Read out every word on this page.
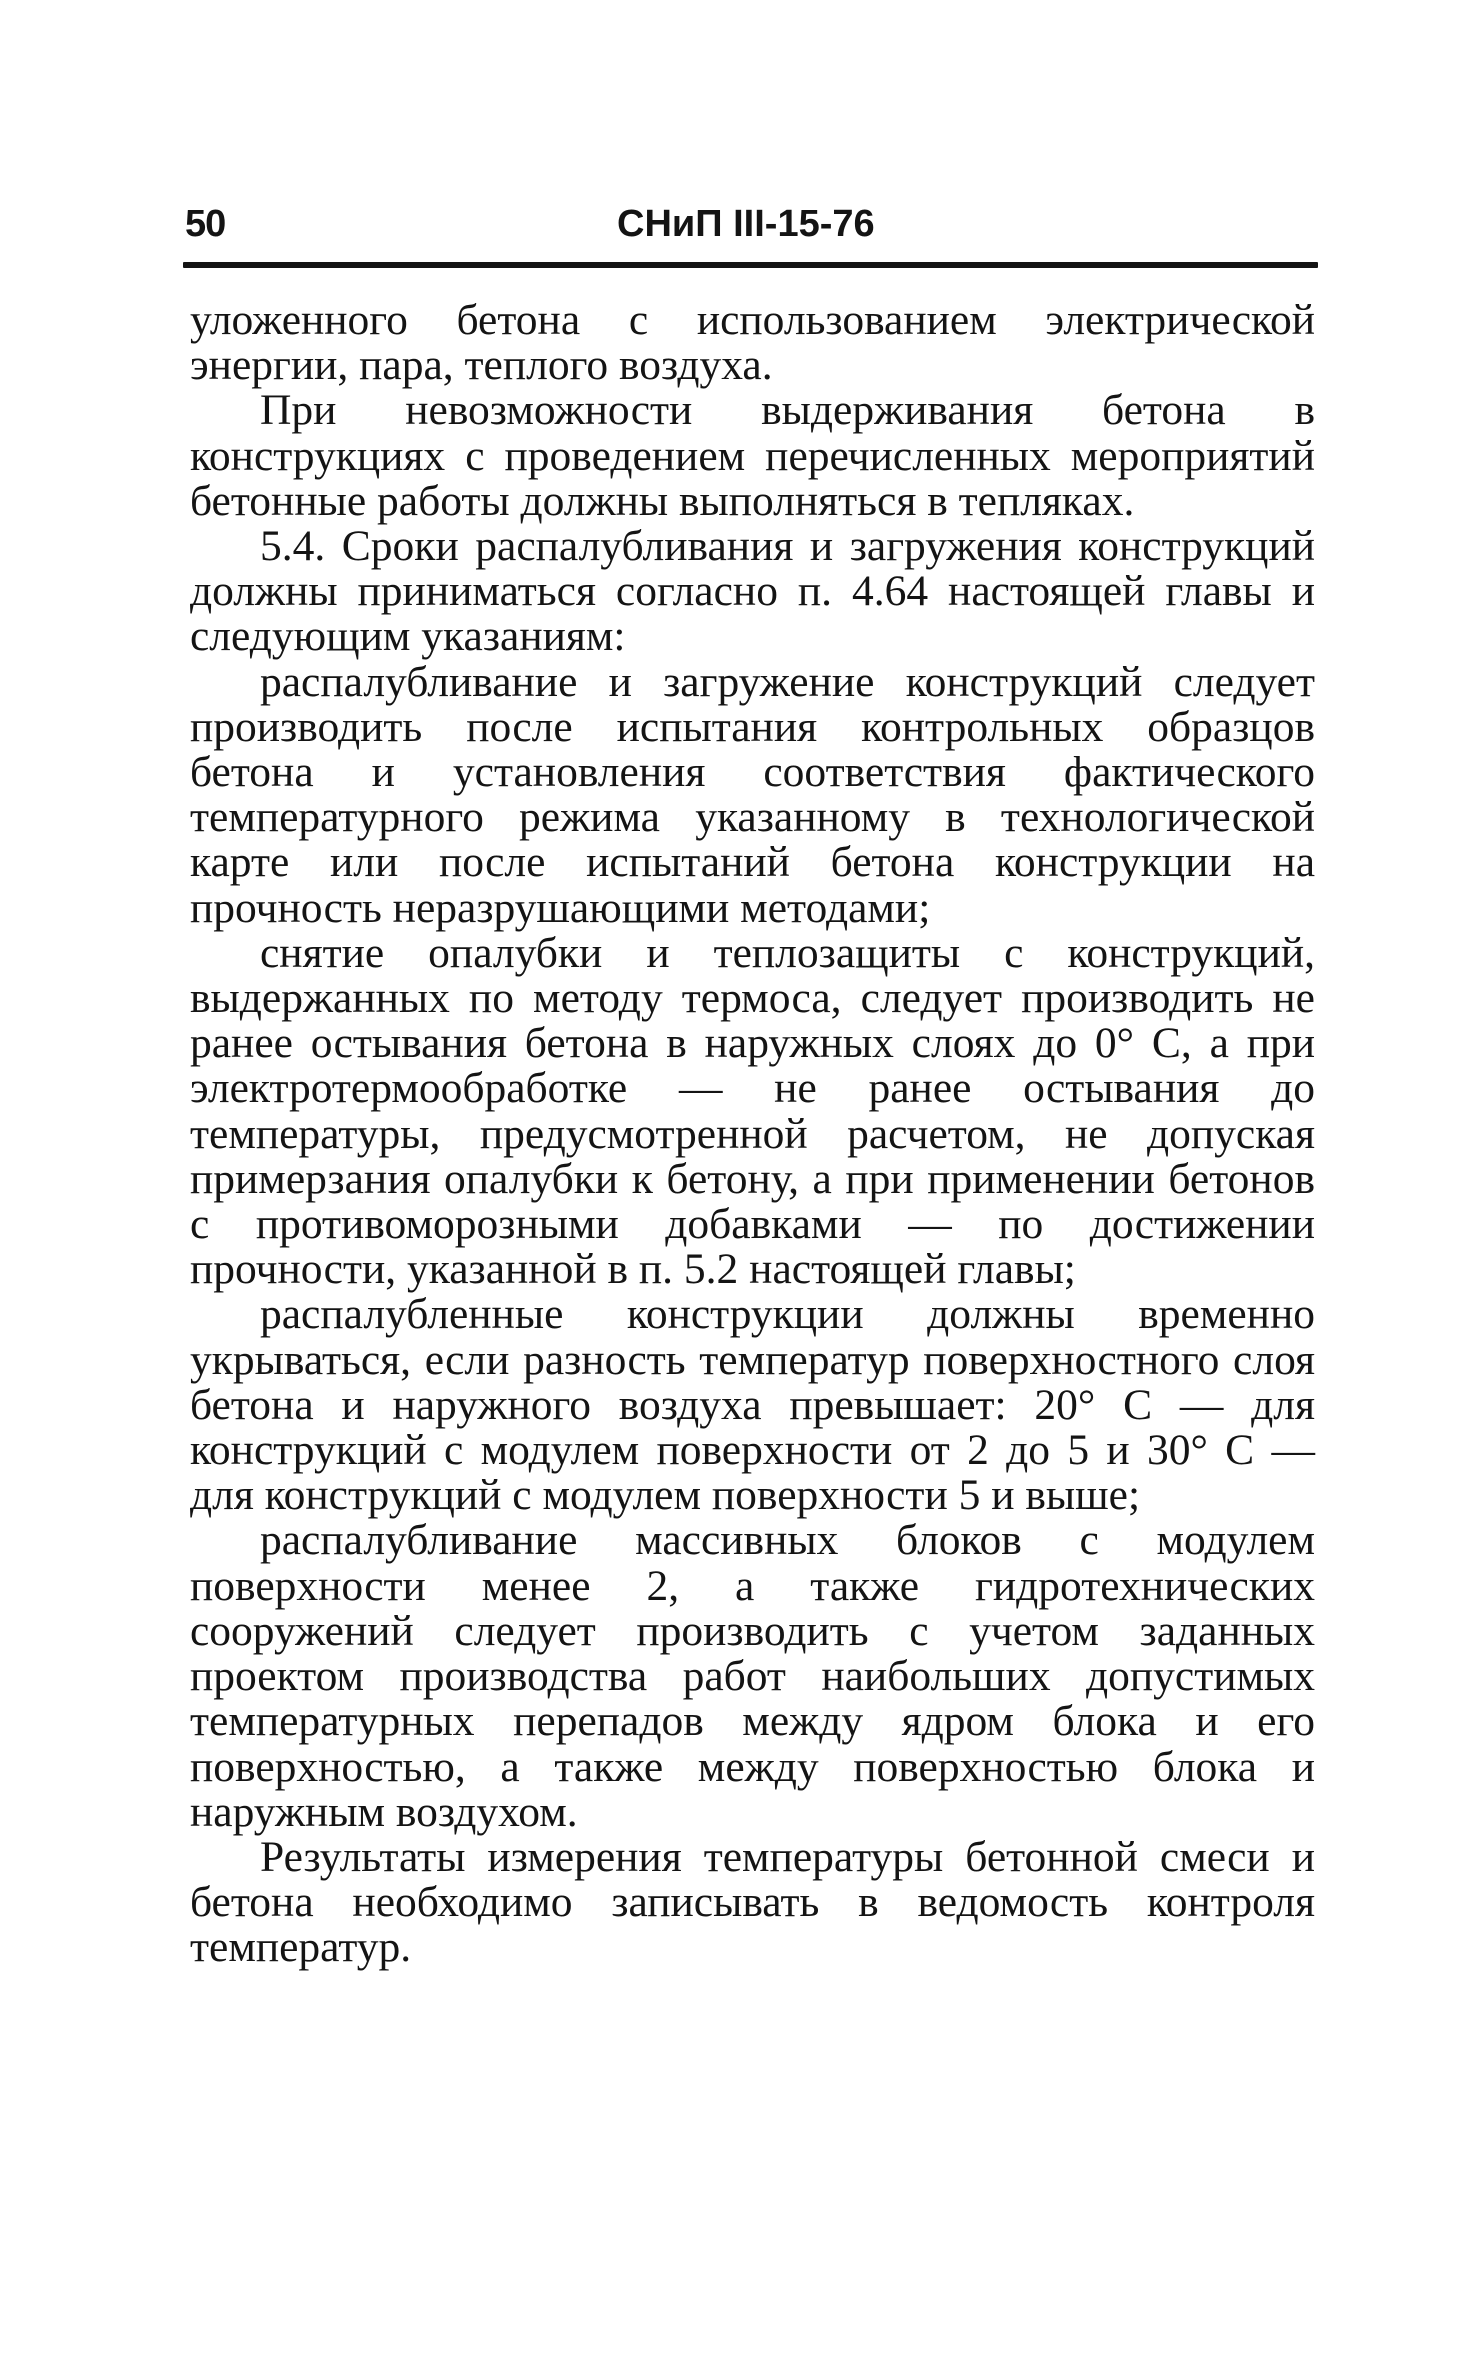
50	СНиП III-15-76

уложенного бетона с использованием электрической энергии, пара, теплого воздуха.

При невозможности выдерживания бетона в конструкциях с проведением перечисленных мероприятий бетонные работы должны выполняться в тепляках.

5.4. Сроки распалубливания и загружения конструкций должны приниматься согласно п. 4.64 настоящей главы и следующим указаниям:

распалубливание и загружение конструкций следует производить после испытания контрольных образцов бетона и установления соответствия фактического температурного режима указанному в технологической карте или после испытаний бетона конструкции на прочность неразрушающими методами;

снятие опалубки и теплозащиты с конструкций, выдержанных по методу термоса, следует производить не ранее остывания бетона в наружных слоях до 0° С, а при электротермообработке — не ранее остывания до температуры, предусмотренной расчетом, не допуская примерзания опалубки к бетону, а при применении бетонов с противоморозными добавками — по достижении прочности, указанной в п. 5.2 настоящей главы;

распалубленные конструкции должны временно укрываться, если разность температур поверхностного слоя бетона и наружного воздуха превышает: 20° С — для конструкций с модулем поверхности от 2 до 5 и 30° С — для конструкций с модулем поверхности 5 и выше;

распалубливание массивных блоков с модулем поверхности менее 2, а также гидротехнических сооружений следует производить с учетом заданных проектом производства работ наибольших допустимых температурных перепадов между ядром блока и его поверхностью, а также между поверхностью блока и наружным воздухом.

Результаты измерения температуры бетонной смеси и бетона необходимо записывать в ведомость контроля температур.
